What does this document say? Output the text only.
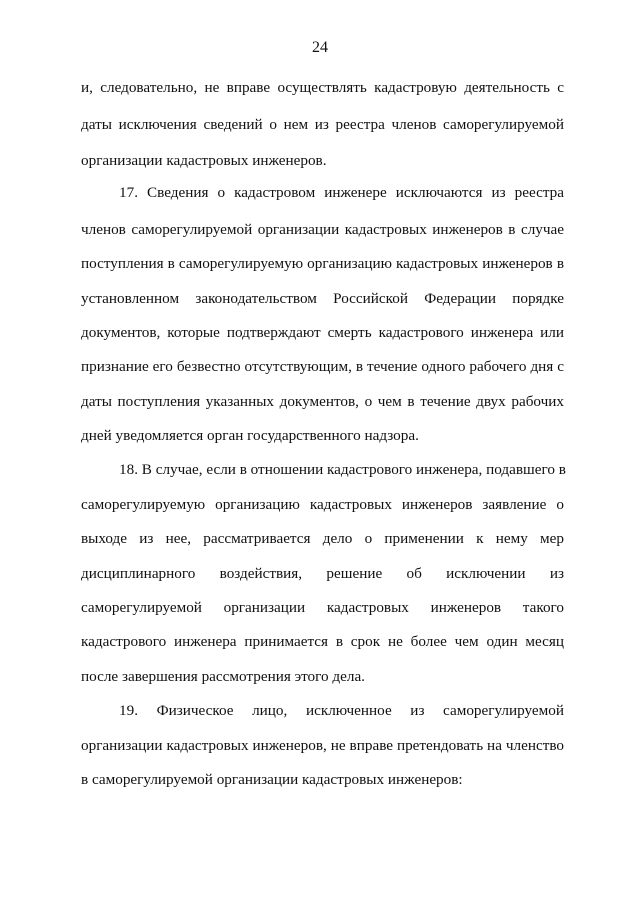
24
и, следовательно, не вправе осуществлять кадастровую деятельность с
даты исключения сведений о нем из реестра членов саморегулируемой
организации кадастровых инженеров.
17. Сведения о кадастровом инженере исключаются из реестра
членов саморегулируемой организации кадастровых инженеров в случае
поступления в саморегулируемую организацию кадастровых инженеров в
установленном законодательством Российской Федерации порядке
документов, которые подтверждают смерть кадастрового инженера или
признание его безвестно отсутствующим, в течение одного рабочего дня с
даты поступления указанных документов, о чем в течение двух рабочих
дней уведомляется орган государственного надзора.
18. В случае, если в отношении кадастрового инженера, подавшего в
саморегулируемую организацию кадастровых инженеров заявление о
выходе из нее, рассматривается дело о применении к нему мер
дисциплинарного воздействия, решение об исключении из
саморегулируемой организации кадастровых инженеров такого
кадастрового инженера принимается в срок не более чем один месяц
после завершения рассмотрения этого дела.
19. Физическое лицо, исключенное из саморегулируемой
организации кадастровых инженеров, не вправе претендовать на членство
в саморегулируемой организации кадастровых инженеров:
